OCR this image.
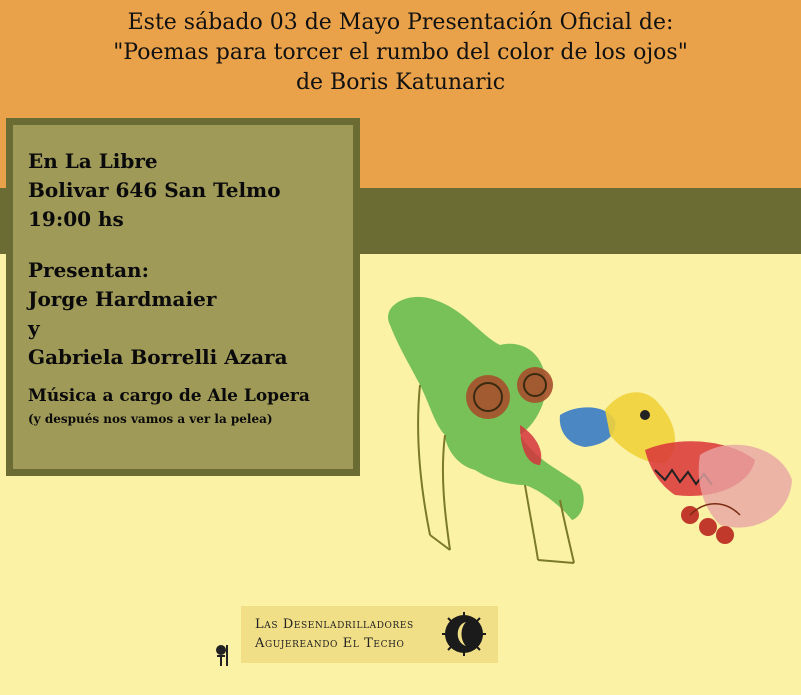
Este sábado 03 de Mayo Presentación Oficial de:
"Poemas para torcer el rumbo del color de los ojos"
de Boris Katunaric
En La Libre
Bolivar 646 San Telmo
19:00 hs
Presentan:
Jorge Hardmaier
y
Gabriela Borrelli Azara
Música a cargo de Ale Lopera
(y después nos vamos a ver la pelea)
Las Desenladrilladores
Agujereando El Techo
